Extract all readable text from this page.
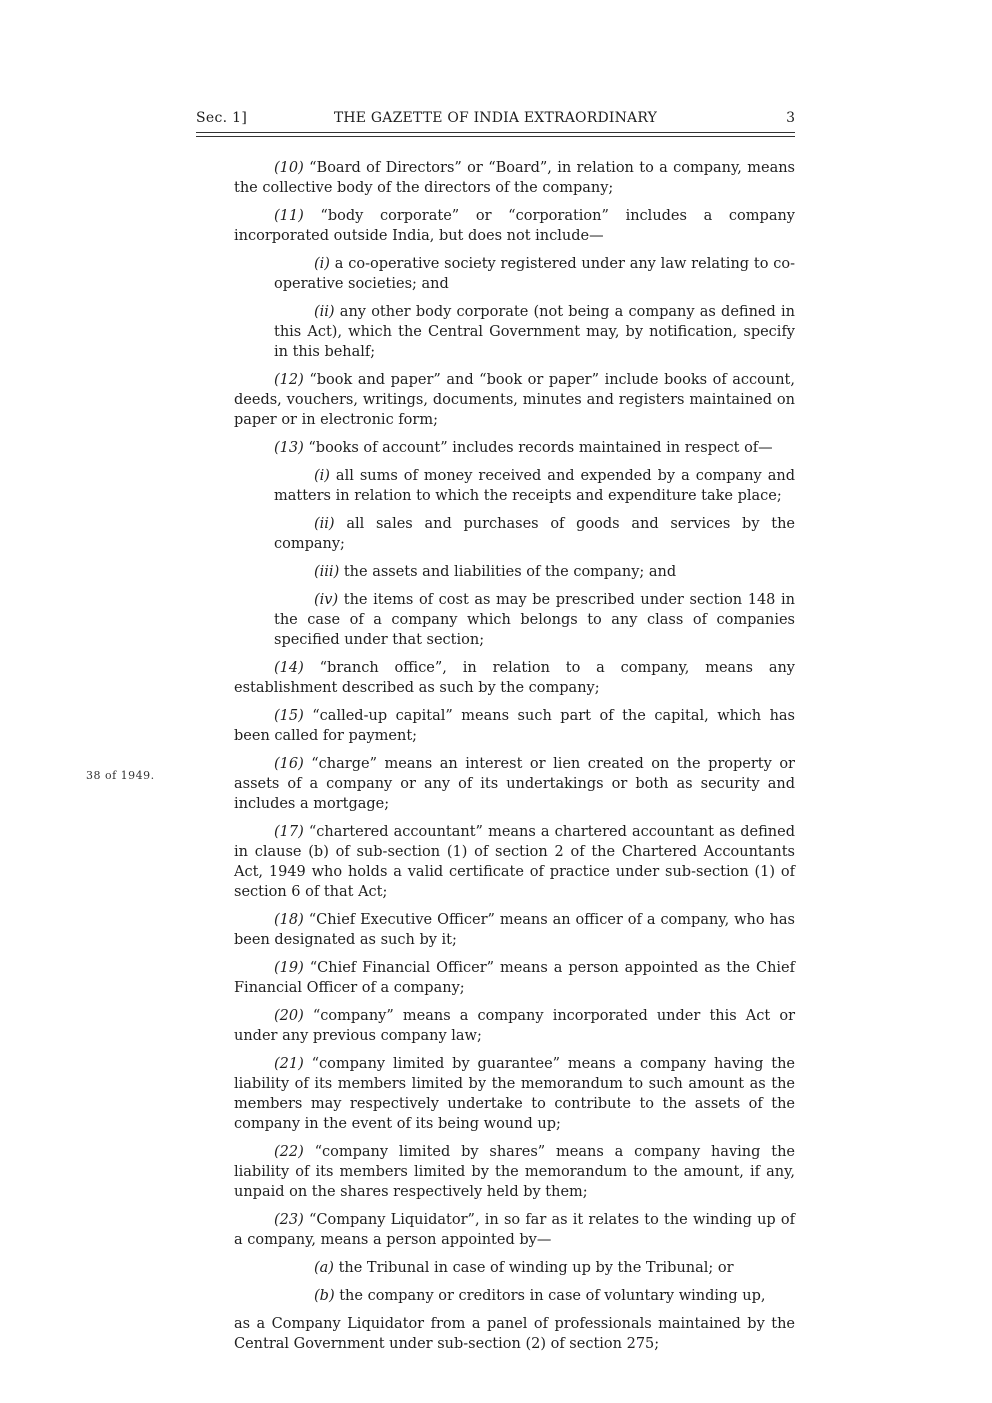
Sec. 1]	THE GAZETTE OF INDIA EXTRAORDINARY	3
38 of 1949.

(10) “Board of Directors” or “Board”, in relation to a company, means the collective body of the directors of the company;

(11) “body corporate” or “corporation” includes a company incorporated outside India, but does not include—

(i) a co-operative society registered under any law relating to co-operative societies; and

(ii) any other body corporate (not being a company as defined in this Act), which the Central Government may, by notification, specify in this behalf;

(12) “book and paper” and “book or paper” include books of account, deeds, vouchers, writings, documents, minutes and registers maintained on paper or in electronic form;

(13) “books of account” includes records maintained in respect of—

(i) all sums of money received and expended by a company and matters in relation to which the receipts and expenditure take place;

(ii) all sales and purchases of goods and services by the company;

(iii) the assets and liabilities of the company; and

(iv) the items of cost as may be prescribed under section 148 in the case of a company which belongs to any class of companies specified under that section;

(14) “branch office”, in relation to a company, means any establishment described as such by the company;

(15) “called-up capital” means such part of the capital, which has been called for payment;

(16) “charge” means an interest or lien created on the property or assets of a company or any of its undertakings or both as security and includes a mortgage;

(17) “chartered accountant” means a chartered accountant as defined in clause (b) of sub-section (1) of section 2 of the Chartered Accountants Act, 1949 who holds a valid certificate of practice under sub-section (1) of section 6 of that Act;

(18) “Chief Executive Officer” means an officer of a company, who has been designated as such by it;

(19) “Chief Financial Officer” means a person appointed as the Chief Financial Officer of a company;

(20) “company” means a company incorporated under this Act or under any previous company law;

(21) “company limited by guarantee” means a company having the liability of its members limited by the memorandum to such amount as the members may respectively undertake to contribute to the assets of the company in the event of its being wound up;

(22) “company limited by shares” means a company having the liability of its members limited by the memorandum to the amount, if any, unpaid on the shares respectively held by them;

(23) “Company Liquidator”, in so far as it relates to the winding up of a company, means a person appointed by—

(a) the Tribunal in case of winding up by the Tribunal; or

(b) the company or creditors in case of voluntary winding up,

as a Company Liquidator from a panel of professionals maintained by the Central Government under sub-section (2) of section 275;
